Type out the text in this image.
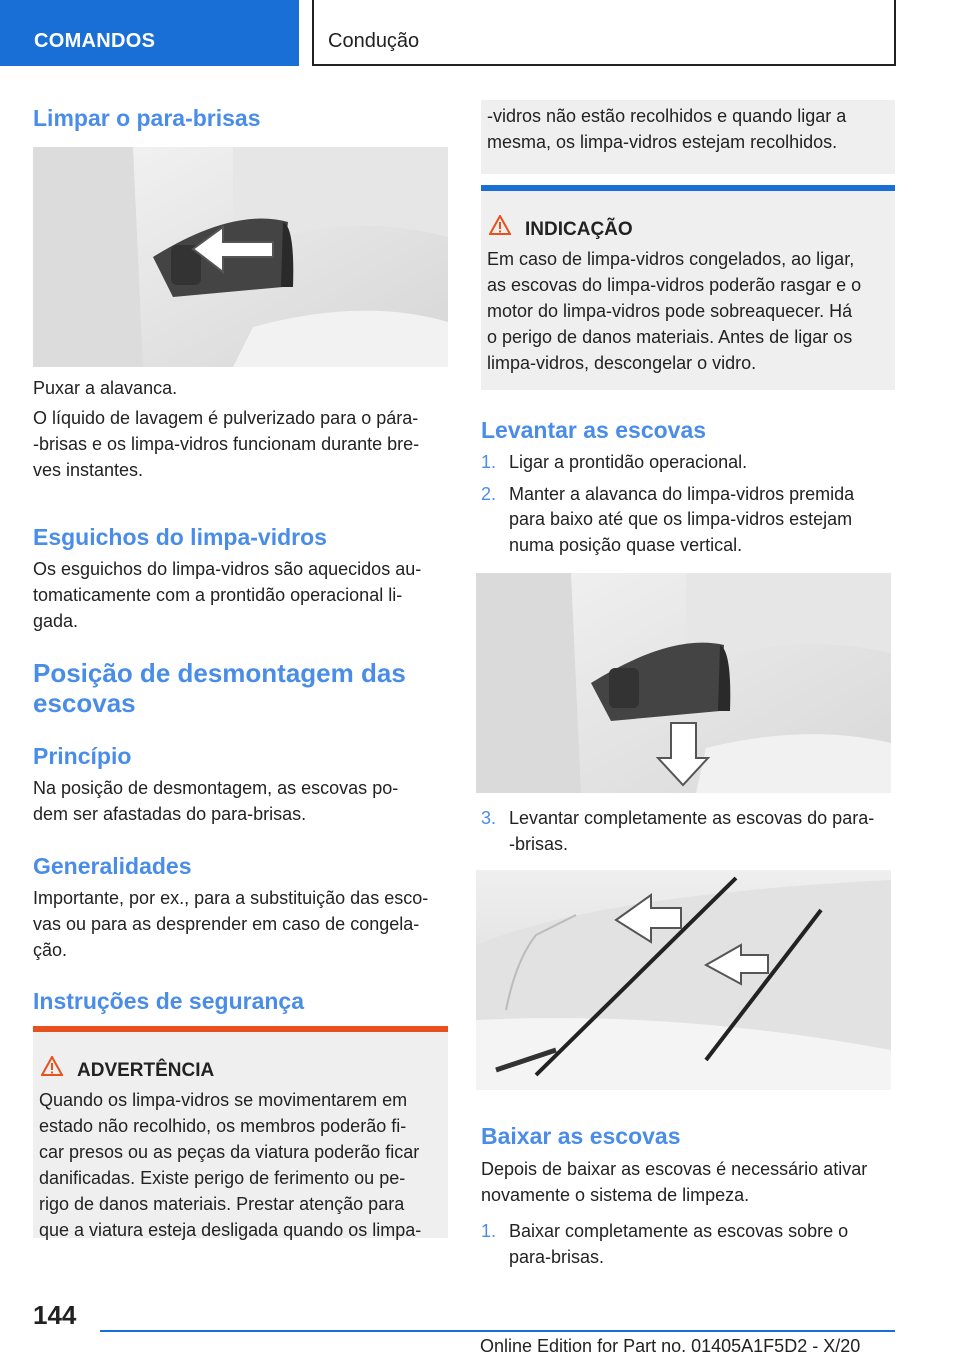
COMANDOS	Condução
Limpar o para-brisas

Puxar a alavanca.

O líquido de lavagem é pulverizado para o pára-

-brisas e os limpa-vidros funcionam durante bre-

ves instantes.

Esguichos do limpa-vidros

Os esguichos do limpa-vidros são aquecidos au-

tomaticamente com a prontidão operacional li-

gada.

Posição de desmontagem das
escovas
Princípio

Na posição de desmontagem, as escovas po-

dem ser afastadas do para-brisas.

Generalidades

Importante, por ex., para a substituição das esco-

vas ou para as desprender em caso de congela-

ção.

Instruções de segurança
ADVERTÊNCIA

Quando os limpa-vidros se movimentarem em

estado não recolhido, os membros poderão fi-

car presos ou as peças da viatura poderão ficar

danificadas. Existe perigo de ferimento ou pe-

rigo de danos materiais. Prestar atenção para

que a viatura esteja desligada quando os limpa-

-vidros não estão recolhidos e quando ligar a

mesma, os limpa-vidros estejam recolhidos.

INDICAÇÃO

Em caso de limpa-vidros congelados, ao ligar,

as escovas do limpa-vidros poderão rasgar e o

motor do limpa-vidros pode sobreaquecer. Há

o perigo de danos materiais. Antes de ligar os

limpa-vidros, descongelar o vidro.

Levantar as escovas
1. Ligar a prontidão operacional.
2. Manter a alavanca do limpa-vidros premida
para baixo até que os limpa-vidros estejam
numa posição quase vertical.
3. Levantar completamente as escovas do para-
-brisas.
Baixar as escovas

Depois de baixar as escovas é necessário ativar

novamente o sistema de limpeza.

1. Baixar completamente as escovas sobre o
para-brisas.
144
Online Edition for Part no. 01405A1F5D2 - X/20
